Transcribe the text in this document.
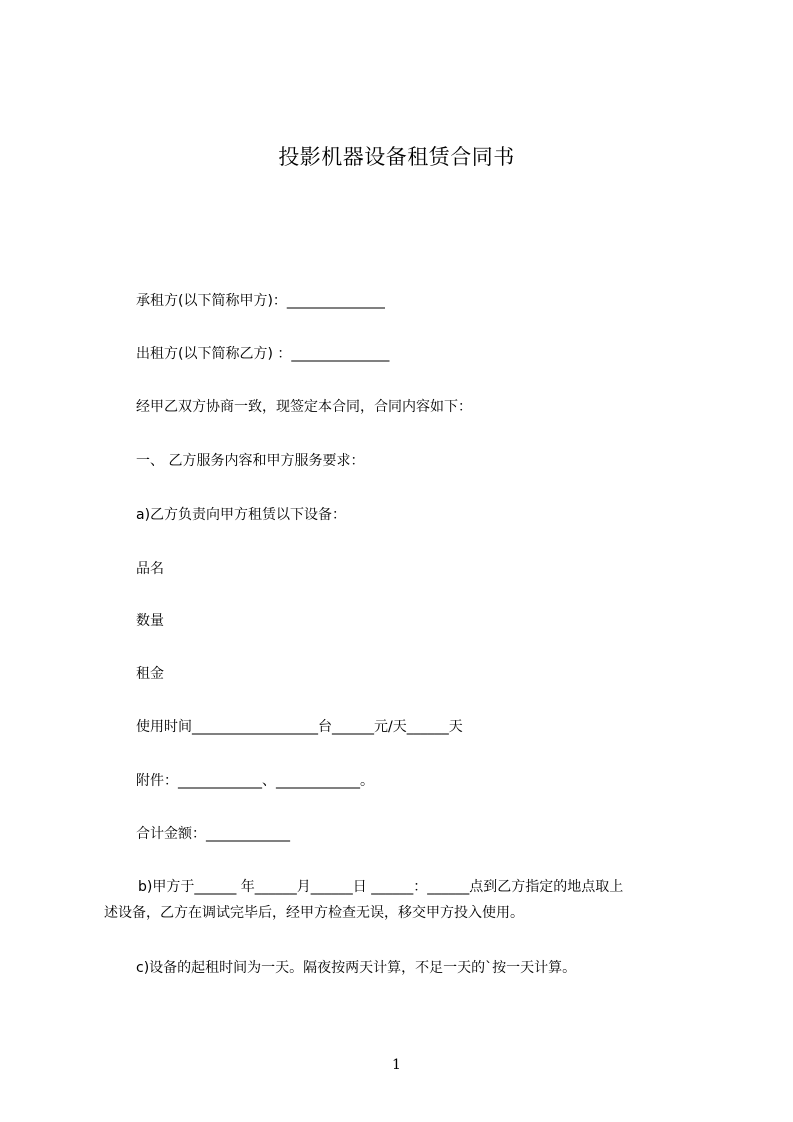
投影机器设备租赁合同书
承租方(以下简称甲方)：______________
出租方(以下简称乙方) ：______________
经甲乙双方协商一致，现签定本合同，合同内容如下：
一、 乙方服务内容和甲方服务要求：
a)乙方负责向甲方租赁以下设备：
品名
数量
租金
使用时间__________________台______元/天______天
附件：____________、____________。
合计金额：____________
b)甲方于______ 年______月______日 ______：______点到乙方指定的地点取上
述设备，乙方在调试完毕后，经甲方检查无误，移交甲方投入使用。
c)设备的起租时间为一天。隔夜按两天计算，不足一天的`按一天计算。
1
